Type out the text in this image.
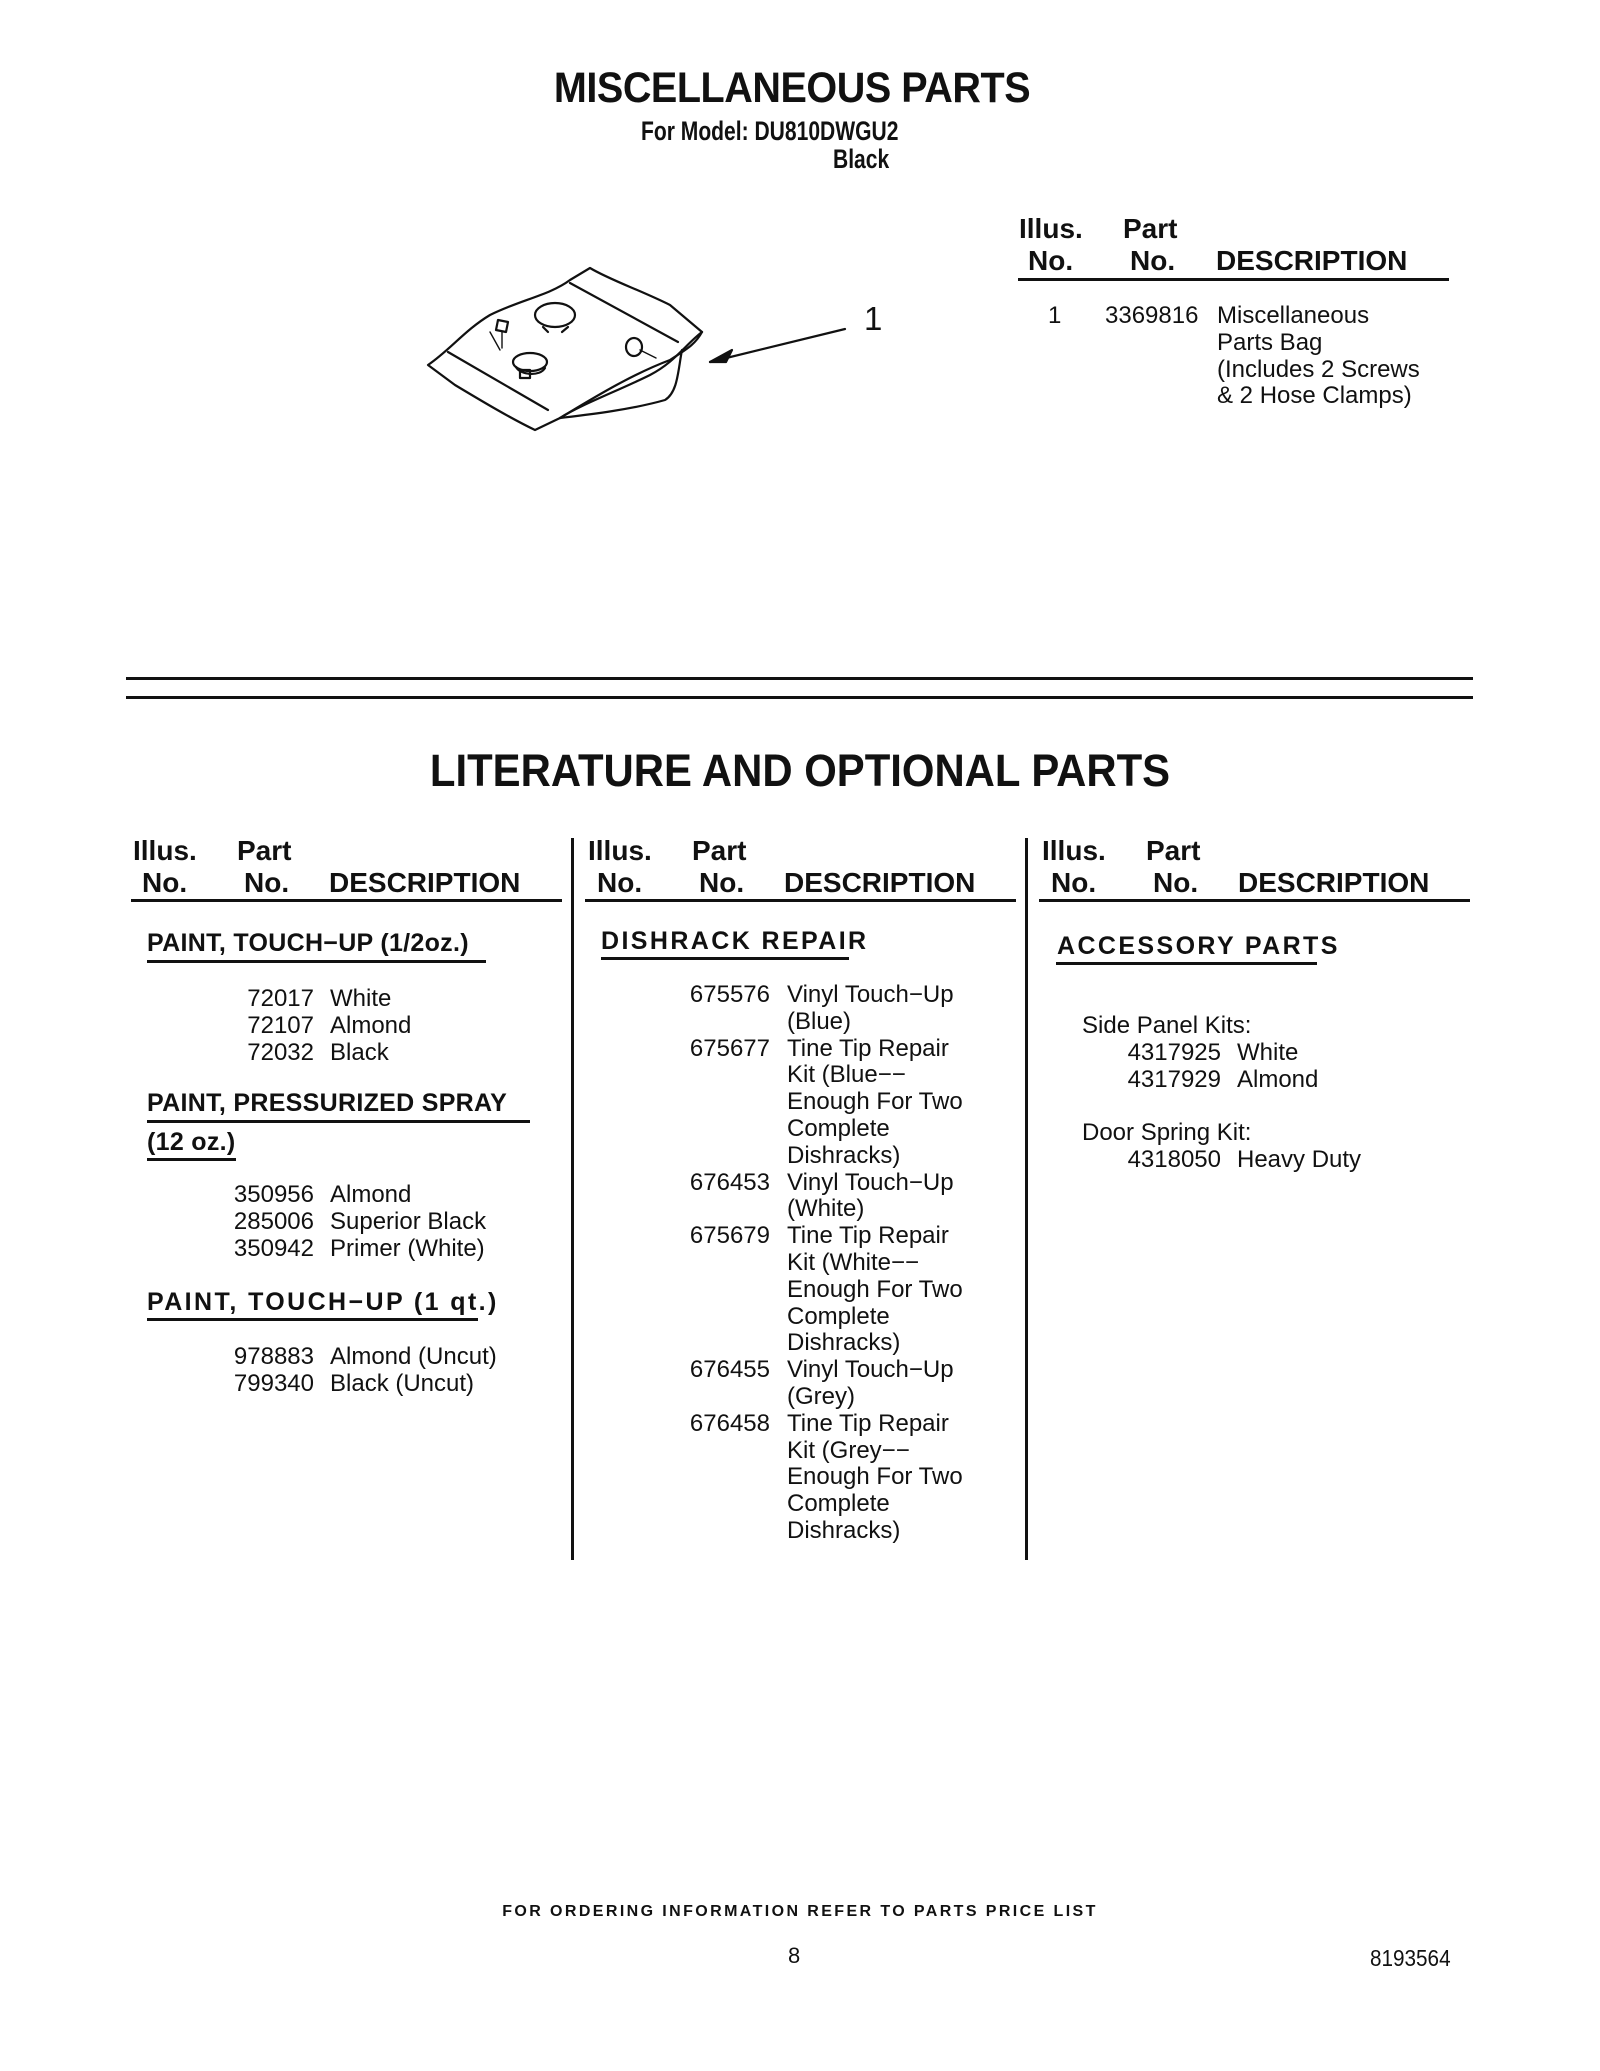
MISCELLANEOUS PARTS
For Model: DU810DWGU2
Black
1
Illus.
No.
Part
No. DESCRIPTION
1 3369816 Miscellaneous
Parts Bag
(Includes 2 Screws
& 2 Hose Clamps)
LITERATURE AND OPTIONAL PARTS
Illus.
No.
Part
No. DESCRIPTION
PAINT, TOUCH−UP (1/2oz.)
72017 White
72107 Almond
72032 Black
PAINT, PRESSURIZED SPRAY
(12 oz.)
350956 Almond
285006 Superior Black
350942 Primer (White)
PAINT, TOUCH−UP (1 qt.)
978883 Almond (Uncut)
799340 Black (Uncut)
Illus.
No.
Part
No. DESCRIPTION
DISHRACK REPAIR
675576 Vinyl Touch−Up
(Blue)
675677 Tine Tip Repair
Kit (Blue−−
Enough For Two
Complete
Dishracks)
676453 Vinyl Touch−Up
(White)
675679 Tine Tip Repair
Kit (White−−
Enough For Two
Complete
Dishracks)
676455 Vinyl Touch−Up
(Grey)
676458 Tine Tip Repair
Kit (Grey−−
Enough For Two
Complete
Dishracks)
Illus.
No.
Part
No. DESCRIPTION
ACCESSORY PARTS
Side Panel Kits:
4317925 White
4317929 Almond
Door Spring Kit:
4318050 Heavy Duty
FOR ORDERING INFORMATION REFER TO PARTS PRICE LIST
8	8193564
